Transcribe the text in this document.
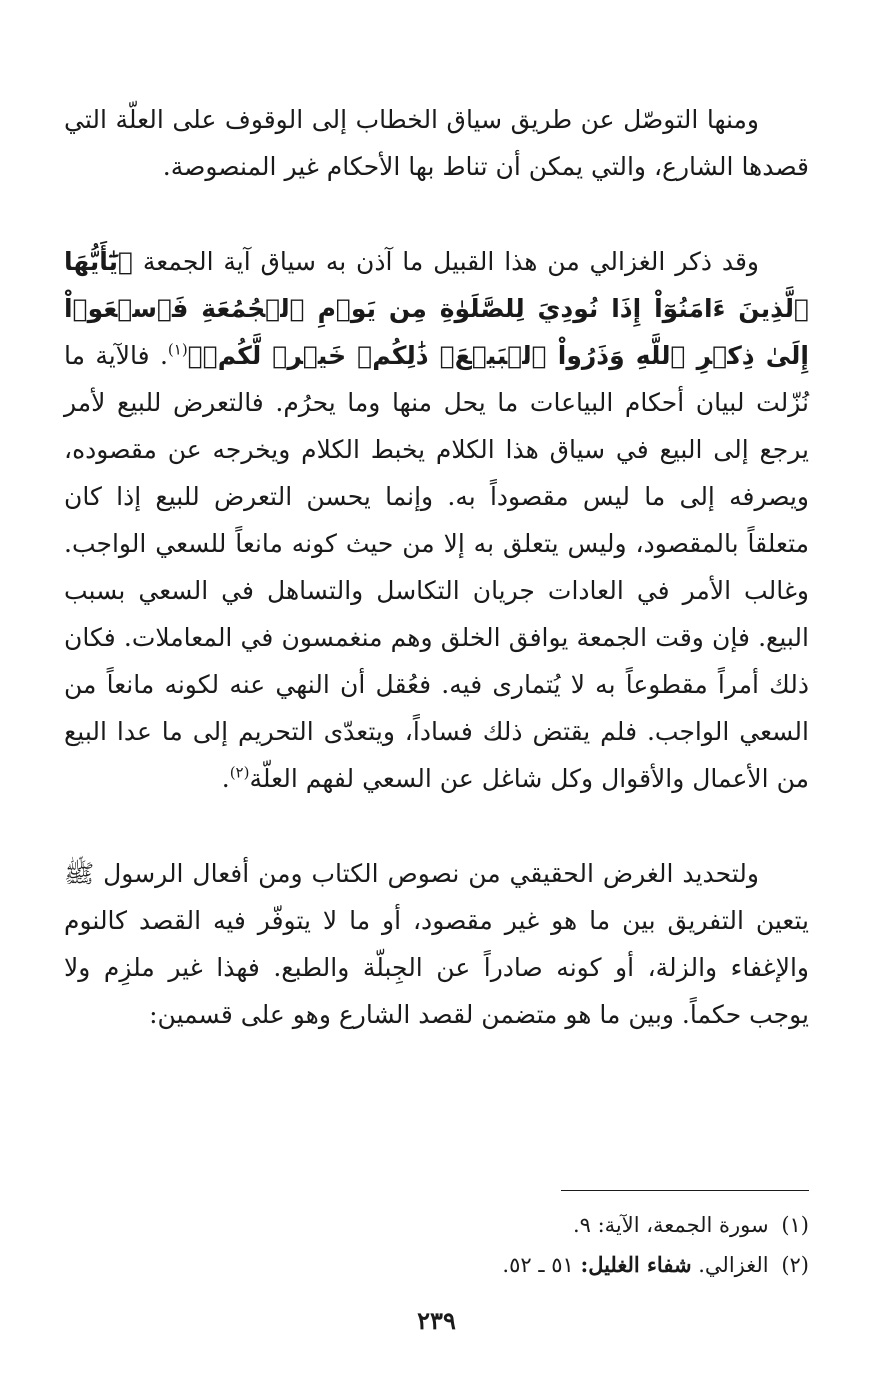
ومنها التوصّل عن طريق سياق الخطاب إلى الوقوف على العلّة التي قصدها الشارع، والتي يمكن أن تناط بها الأحكام غير المنصوصة.

وقد ذكر الغزالي من هذا القبيل ما آذن به سياق آية الجمعة ﴿يَٰٓأَيُّهَا ٱلَّذِينَ ءَامَنُوٓاْ إِذَا نُودِيَ لِلصَّلَوٰةِ مِن يَوۡمِ ٱلۡجُمُعَةِ فَٱسۡعَوۡاْ إِلَىٰ ذِكۡرِ ٱللَّهِ وَذَرُواْ ٱلۡبَيۡعَۚ ذَٰلِكُمۡ خَيۡرٞ لَّكُمۡ﴾$^{(١)}$. فالآية ما نُزّلت لبيان أحكام البياعات ما يحل منها وما يحرُم. فالتعرض للبيع لأمر يرجع إلى البيع في سياق هذا الكلام يخبط الكلام ويخرجه عن مقصوده، ويصرفه إلى ما ليس مقصوداً به. وإنما يحسن التعرض للبيع إذا كان متعلقاً بالمقصود، وليس يتعلق به إلا من حيث كونه مانعاً للسعي الواجب. وغالب الأمر في العادات جريان التكاسل والتساهل في السعي بسبب البيع. فإن وقت الجمعة يوافق الخلق وهم منغمسون في المعاملات. فكان ذلك أمراً مقطوعاً به لا يُتمارى فيه. فعُقل أن النهي عنه لكونه مانعاً من السعي الواجب. فلم يقتض ذلك فساداً، ويتعدّى التحريم إلى ما عدا البيع من الأعمال والأقوال وكل شاغل عن السعي لفهم العلّة$^{(٢)}$.

ولتحديد الغرض الحقيقي من نصوص الكتاب ومن أفعال الرسول ﷺ يتعين التفريق بين ما هو غير مقصود، أو ما لا يتوفّر فيه القصد كالنوم والإغفاء والزلة، أو كونه صادراً عن الجِبلّة والطبع. فهذا غير ملزِم ولا يوجب حكماً. وبين ما هو متضمن لقصد الشارع وهو على قسمين:

(١) سورة الجمعة، الآية: ٩.

(٢) الغزالي. شفاء الغليل: ٥١ ـ ٥٢.

٢٣٩
